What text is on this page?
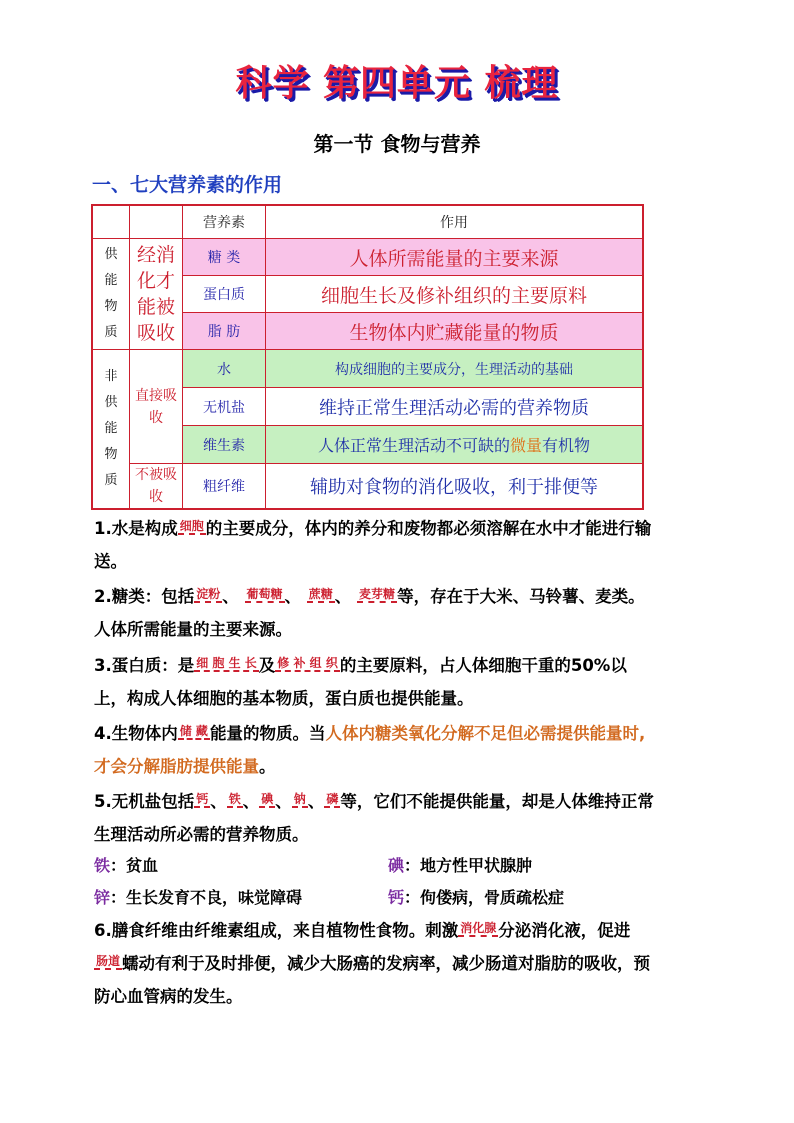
科学 第四单元 梳理
第一节 食物与营养
一、七大营养素的作用
		营养素	作用
供
能
物
质	经消化才能被吸收	糖 类	人体所需能量的主要来源
		蛋白质	细胞生长及修补组织的主要原料
		脂 肪	生物体内贮藏能量的物质
非
供
能
物
质	直接吸收	水	构成细胞的主要成分，生理活动的基础
		无机盐	维持正常生理活动必需的营养物质
		维生素	人体正常生理活动不可缺的微量有机物
	不被吸收	粗纤维	辅助对食物的消化吸收，利于排便等
1.水是构成 细胞 的主要成分，体内的养分和废物都必须溶解在水中才能进行输送。
2.糖类：包括 淀粉 、 葡萄糖 、 蔗糖 、 麦芽糖 等，存在于大米、马铃薯、麦类。人体所需能量的主要来源。
3.蛋白质：是 细 胞 生 长 及 修 补 组 织 的主要原料，占人体细胞干重的50%以上，构成人体细胞的基本物质，蛋白质也提供能量。
4.生物体内 储 藏 能量的物质。当人体内糖类氧化分解不足但必需提供能量时,才会分解脂肪提供能量。
5.无机盐包括 钙 、 铁 、 碘 、 钠 、 磷 等，它们不能提供能量，却是人体维持正常生理活动所必需的营养物质。
铁：贫血	碘：地方性甲状腺肿
锌：生长发育不良，味觉障碍	钙：佝偻病，骨质疏松症
6.膳食纤维由纤维素组成，来自植物性食物。刺激 消化腺 分泌消化液，促进 肠道 蠕动有利于及时排便，减少大肠癌的发病率，减少肠道对脂肪的吸收，预防心血管病的发生。
